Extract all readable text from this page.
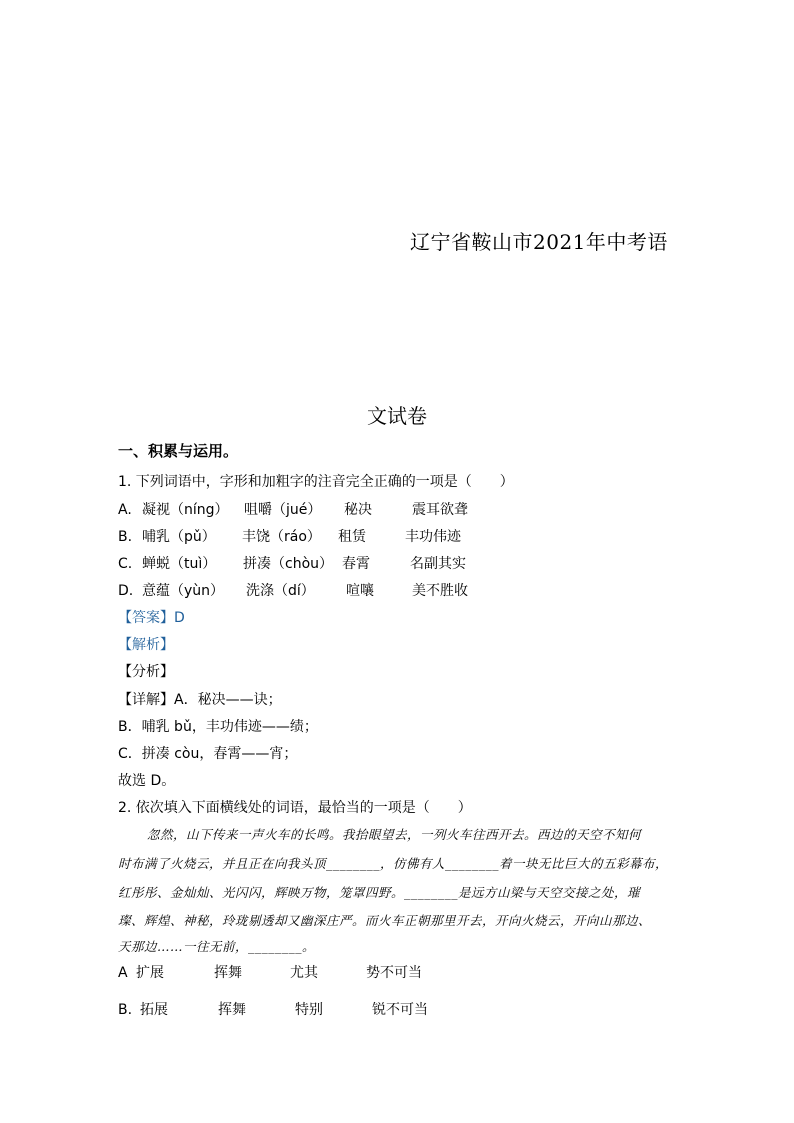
辽宁省鞍山市2021年中考语
文试卷
一、积累与运用。
1. 下列词语中，字形和加粗字的注音完全正确的一项是（　　）
A. 凝视（níng） 咀嚼（jué） 秘决	震耳欲聋
B. 哺乳（pǔ） 丰饶（ráo） 租赁	丰功伟迹
C. 蝉蜕（tuì） 拼凑（chòu） 春霄	名副其实
D. 意蕴（yùn） 洗涤（dí） 喧嚷	美不胜收
【答案】D
【解析】
【分析】
【详解】A．秘决——诀；
B．哺乳 bǔ，丰功伟迹——绩；
C．拼凑 còu，春霄——宵；
故选 D。
2. 依次填入下面横线处的词语，最恰当的一项是（　　）
忽然，山下传来一声火车的长鸣。我抬眼望去，一列火车往西开去。西边的天空不知何
时布满了火烧云，并且正在向我头顶________，仿佛有人________着一块无比巨大的五彩幕布，
红彤彤、金灿灿、光闪闪，辉映万物，笼罩四野。________是远方山梁与天空交接之处，璀
璨、辉煌、神秘，玲珑剔透却又幽深庄严。而火车正朝那里开去，开向火烧云，开向山那边、
天那边……一往无前，________。
A 扩展	挥舞	尤其	势不可当
B. 拓展	挥舞	特别	锐不可当
